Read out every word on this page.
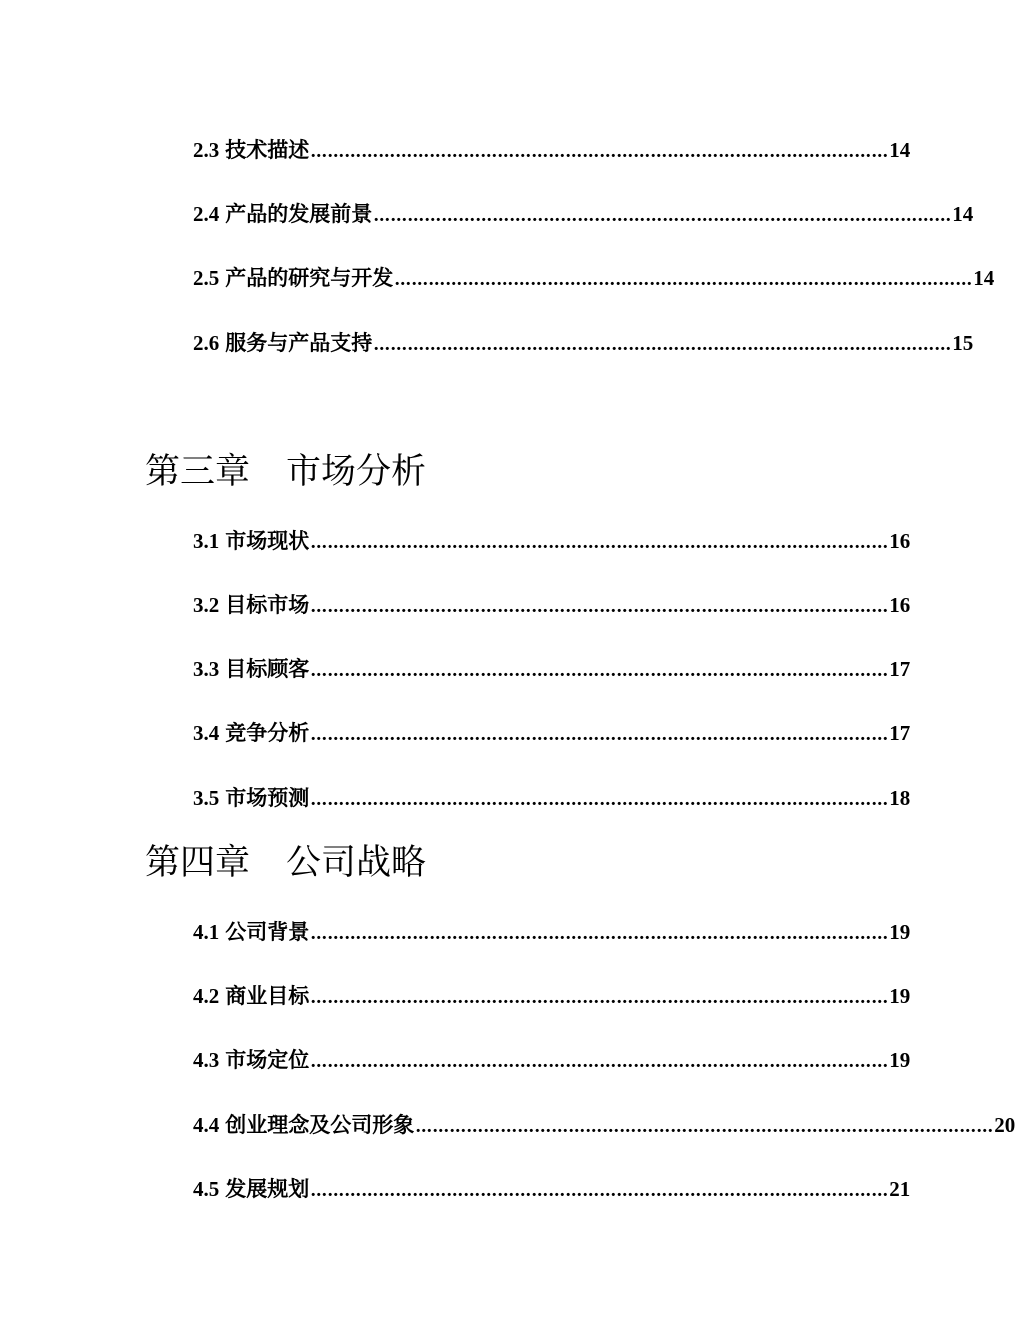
2.3 技术描述 ………………………………………………………………………………………… 14
2.4 产品的发展前景 ………………………………………………………………………………………… 14
2.5 产品的研究与开发 ………………………………………………………………………………………… 14
2.6 服务与产品支持 ………………………………………………………………………………………… 15
第三章 市场分析
3.1 市场现状 ………………………………………………………………………………………… 16
3.2 目标市场 ………………………………………………………………………………………… 16
3.3 目标顾客 ………………………………………………………………………………………… 17
3.4 竞争分析 ………………………………………………………………………………………… 17
3.5 市场预测 ………………………………………………………………………………………… 18
第四章 公司战略
4.1 公司背景 ………………………………………………………………………………………… 19
4.2 商业目标 ………………………………………………………………………………………… 19
4.3 市场定位 ………………………………………………………………………………………… 19
4.4 创业理念及公司形象 ………………………………………………………………………………………… 20
4.5 发展规划 ………………………………………………………………………………………… 21
